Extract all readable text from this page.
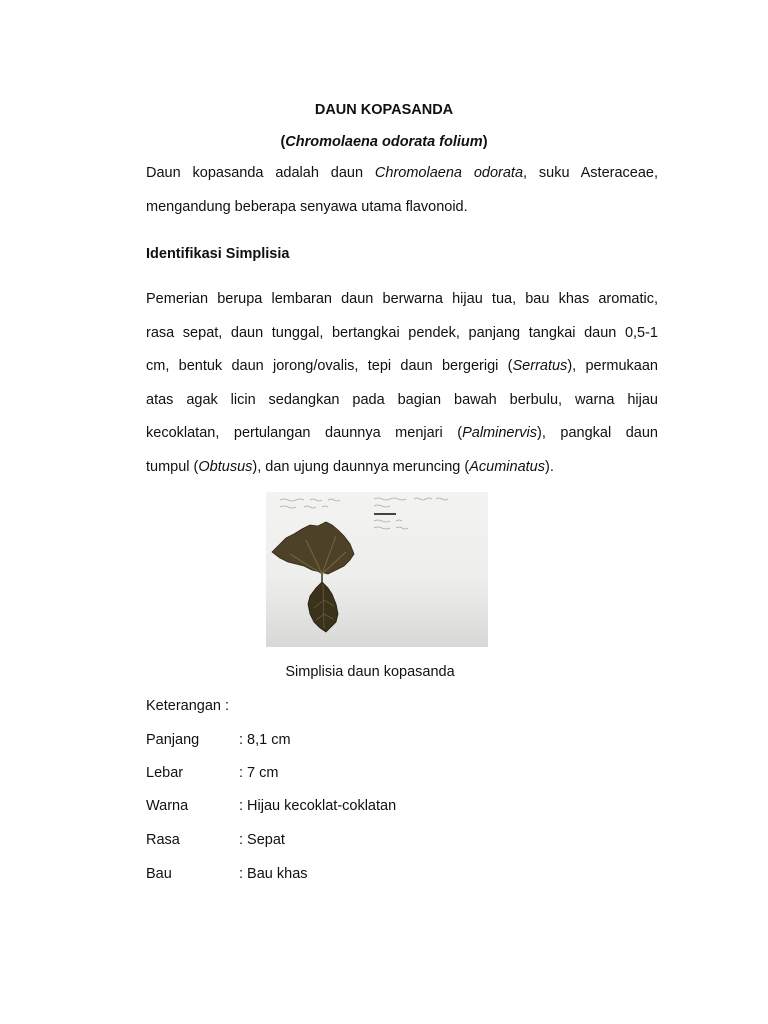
DAUN KOPASANDA
(Chromolaena odorata folium)
Daun kopasanda adalah daun Chromolaena odorata, suku Asteraceae,
mengandung beberapa senyawa utama flavonoid.
Identifikasi Simplisia
Pemerian berupa lembaran daun berwarna hijau tua, bau khas aromatic,
rasa sepat, daun tunggal, bertangkai pendek, panjang tangkai daun 0,5-1
cm, bentuk daun jorong/ovalis, tepi daun bergerigi (Serratus), permukaan
atas agak licin sedangkan pada bagian bawah berbulu, warna hijau
kecoklatan, pertulangan daunnya menjari (Palminervis), pangkal daun
tumpul (Obtusus), dan ujung daunnya meruncing (Acuminatus).
Simplisia daun kopasanda
Keterangan :
Panjang	: 8,1 cm
Lebar	: 7 cm
Warna	: Hijau kecoklat-coklatan
Rasa	: Sepat
Bau	: Bau khas
